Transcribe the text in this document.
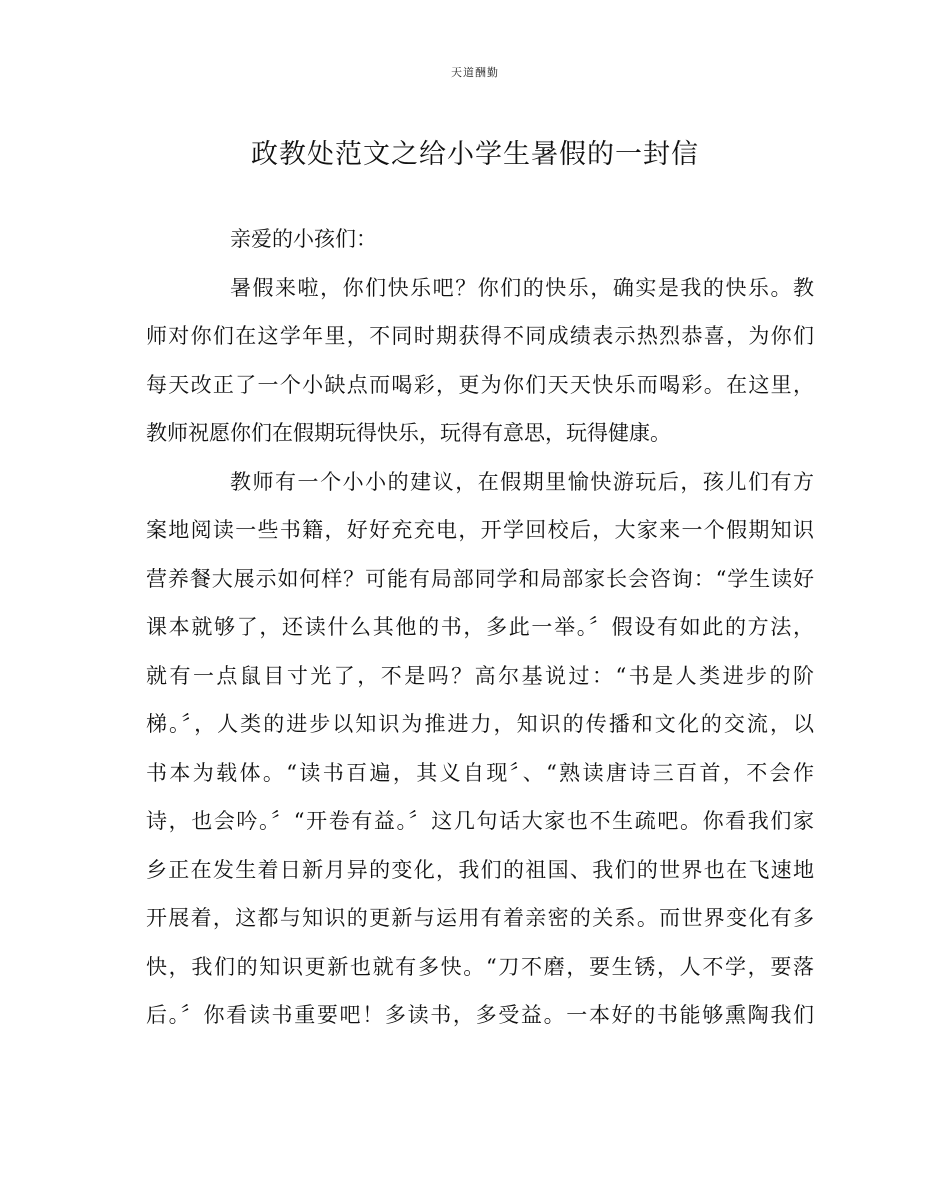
天道酬勤
政教处范文之给小学生暑假的一封信
亲爱的小孩们：
暑假来啦，你们快乐吧？你们的快乐，确实是我的快乐。教
师对你们在这学年里，不同时期获得不同成绩表示热烈恭喜，为你们
每天改正了一个小缺点而喝彩，更为你们天天快乐而喝彩。在这里，
教师祝愿你们在假期玩得快乐，玩得有意思，玩得健康。
教师有一个小小的建议，在假期里愉快游玩后，孩儿们有方
案地阅读一些书籍，好好充充电，开学回校后，大家来一个假期知识
营养餐大展示如何样？可能有局部同学和局部家长会咨询：“学生读好
课本就够了，还读什么其他的书，多此一举。〞假设有如此的方法，
就有一点鼠目寸光了，不是吗？高尔基说过：“书是人类进步的阶
梯。〞，人类的进步以知识为推进力，知识的传播和文化的交流，以
书本为载体。“读书百遍，其义自现〞、“熟读唐诗三百首，不会作
诗，也会吟。〞“开卷有益。〞这几句话大家也不生疏吧。你看我们家
乡正在发生着日新月异的变化，我们的祖国、我们的世界也在飞速地
开展着，这都与知识的更新与运用有着亲密的关系。而世界变化有多
快，我们的知识更新也就有多快。“刀不磨，要生锈，人不学，要落
后。〞你看读书重要吧！多读书，多受益。一本好的书能够熏陶我们
